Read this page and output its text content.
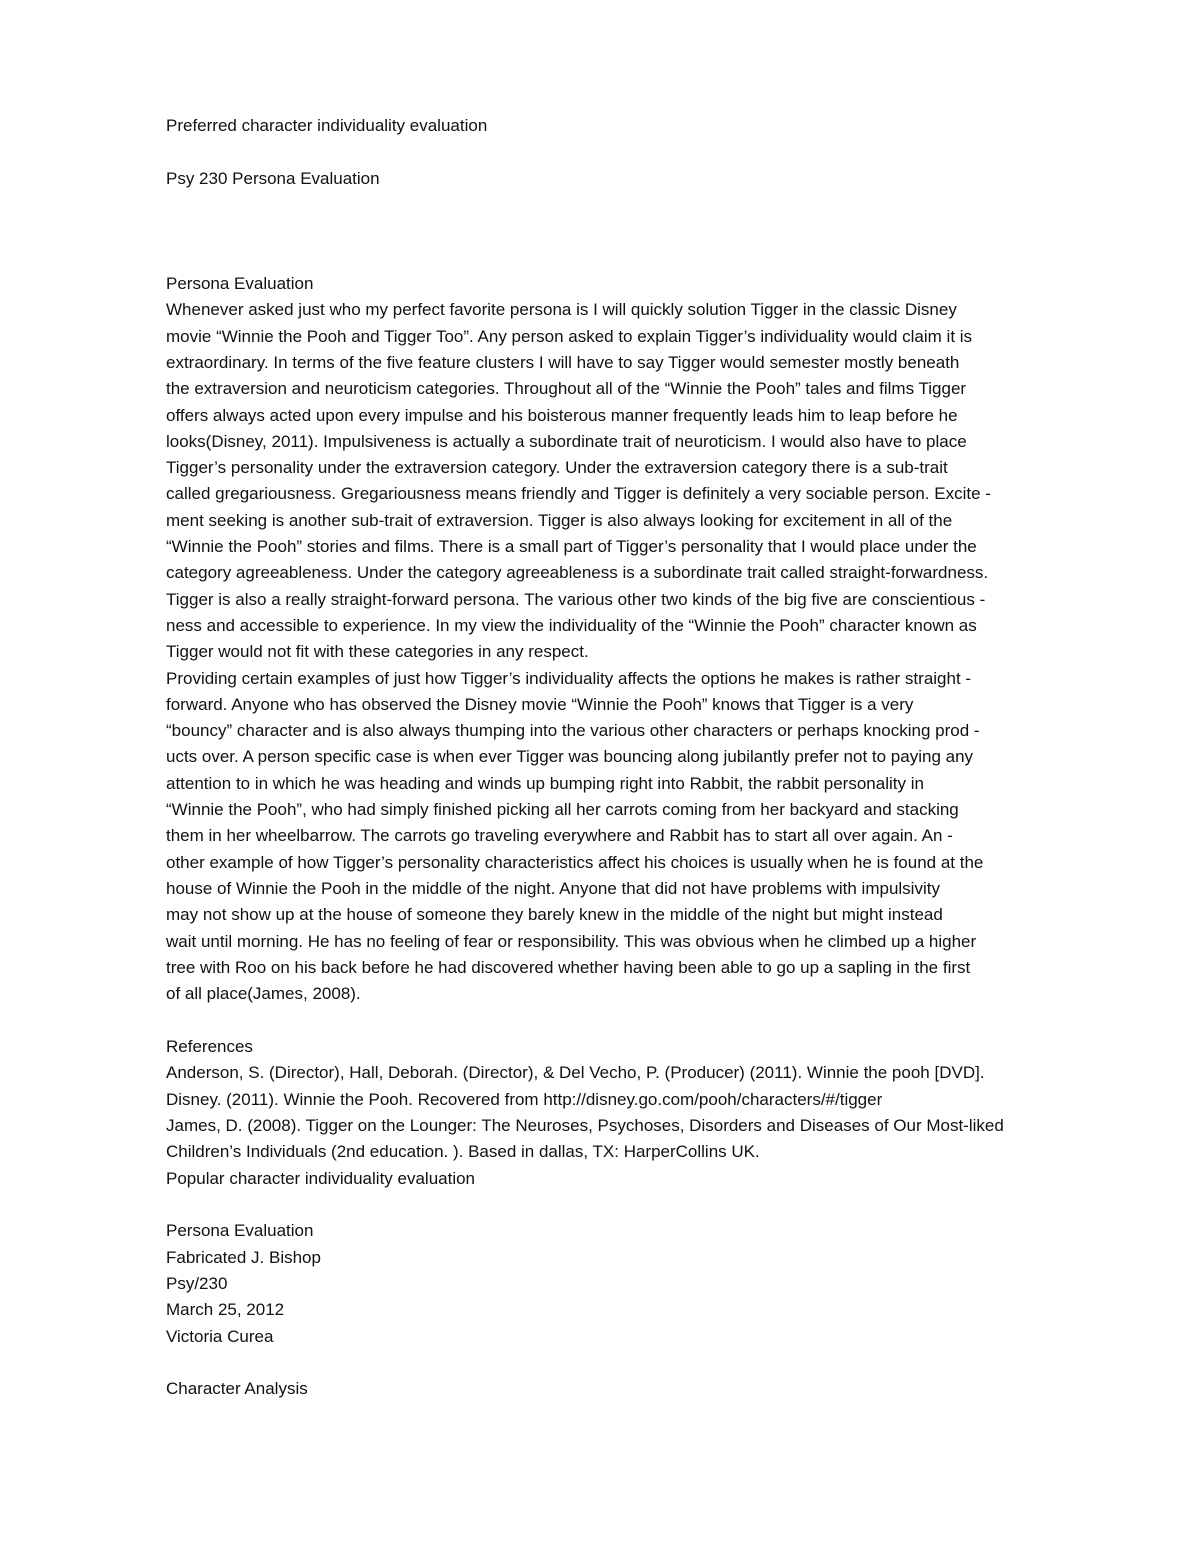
Preferred character individuality evaluation
Psy 230 Persona Evaluation
Persona Evaluation
Whenever asked just who my perfect favorite persona is I will quickly solution Tigger in the classic Disney
movie “Winnie the Pooh and Tigger Too”. Any person asked to explain Tigger’s individuality would claim it is
extraordinary. In terms of the five feature clusters I will have to say Tigger would semester mostly beneath
the extraversion and neuroticism categories. Throughout all of the “Winnie the Pooh” tales and films Tigger
offers always acted upon every impulse and his boisterous manner frequently leads him to leap before he
looks(Disney, 2011). Impulsiveness is actually a subordinate trait of neuroticism. I would also have to place
Tigger’s personality under the extraversion category. Under the extraversion category there is a sub-trait
called gregariousness. Gregariousness means friendly and Tigger is definitely a very sociable person. Excite -
ment seeking is another sub-trait of extraversion. Tigger is also always looking for excitement in all of the
“Winnie the Pooh” stories and films. There is a small part of Tigger’s personality that I would place under the
category agreeableness. Under the category agreeableness is a subordinate trait called straight-forwardness.
Tigger is also a really straight-forward persona. The various other two kinds of the big five are conscientious -
ness and accessible to experience. In my view the individuality of the “Winnie the Pooh” character known as
Tigger would not fit with these categories in any respect.
Providing certain examples of just how Tigger’s individuality affects the options he makes is rather straight -
forward. Anyone who has observed the Disney movie “Winnie the Pooh” knows that Tigger is a very
“bouncy” character and is also always thumping into the various other characters or perhaps knocking prod -
ucts over. A person specific case is when ever Tigger was bouncing along jubilantly prefer not to paying any
attention to in which he was heading and winds up bumping right into Rabbit, the rabbit personality in
“Winnie the Pooh”, who had simply finished picking all her carrots coming from her backyard and stacking
them in her wheelbarrow. The carrots go traveling everywhere and Rabbit has to start all over again. An -
other example of how Tigger’s personality characteristics affect his choices is usually when he is found at the
house of Winnie the Pooh in the middle of the night. Anyone that did not have problems with impulsivity
may not show up at the house of someone they barely knew in the middle of the night but might instead
wait until morning. He has no feeling of fear or responsibility. This was obvious when he climbed up a higher
tree with Roo on his back before he had discovered whether having been able to go up a sapling in the first
of all place(James, 2008).
References
Anderson, S. (Director), Hall, Deborah. (Director), & Del Vecho, P. (Producer) (2011). Winnie the pooh [DVD].
Disney. (2011). Winnie the Pooh. Recovered from http://disney.go.com/pooh/characters/#/tigger
James, D. (2008). Tigger on the Lounger: The Neuroses, Psychoses, Disorders and Diseases of Our Most-liked
Children’s Individuals (2nd education. ). Based in dallas, TX: HarperCollins UK.
Popular character individuality evaluation
Persona Evaluation
Fabricated J. Bishop
Psy/230
March 25, 2012
Victoria Curea
Character Analysis
